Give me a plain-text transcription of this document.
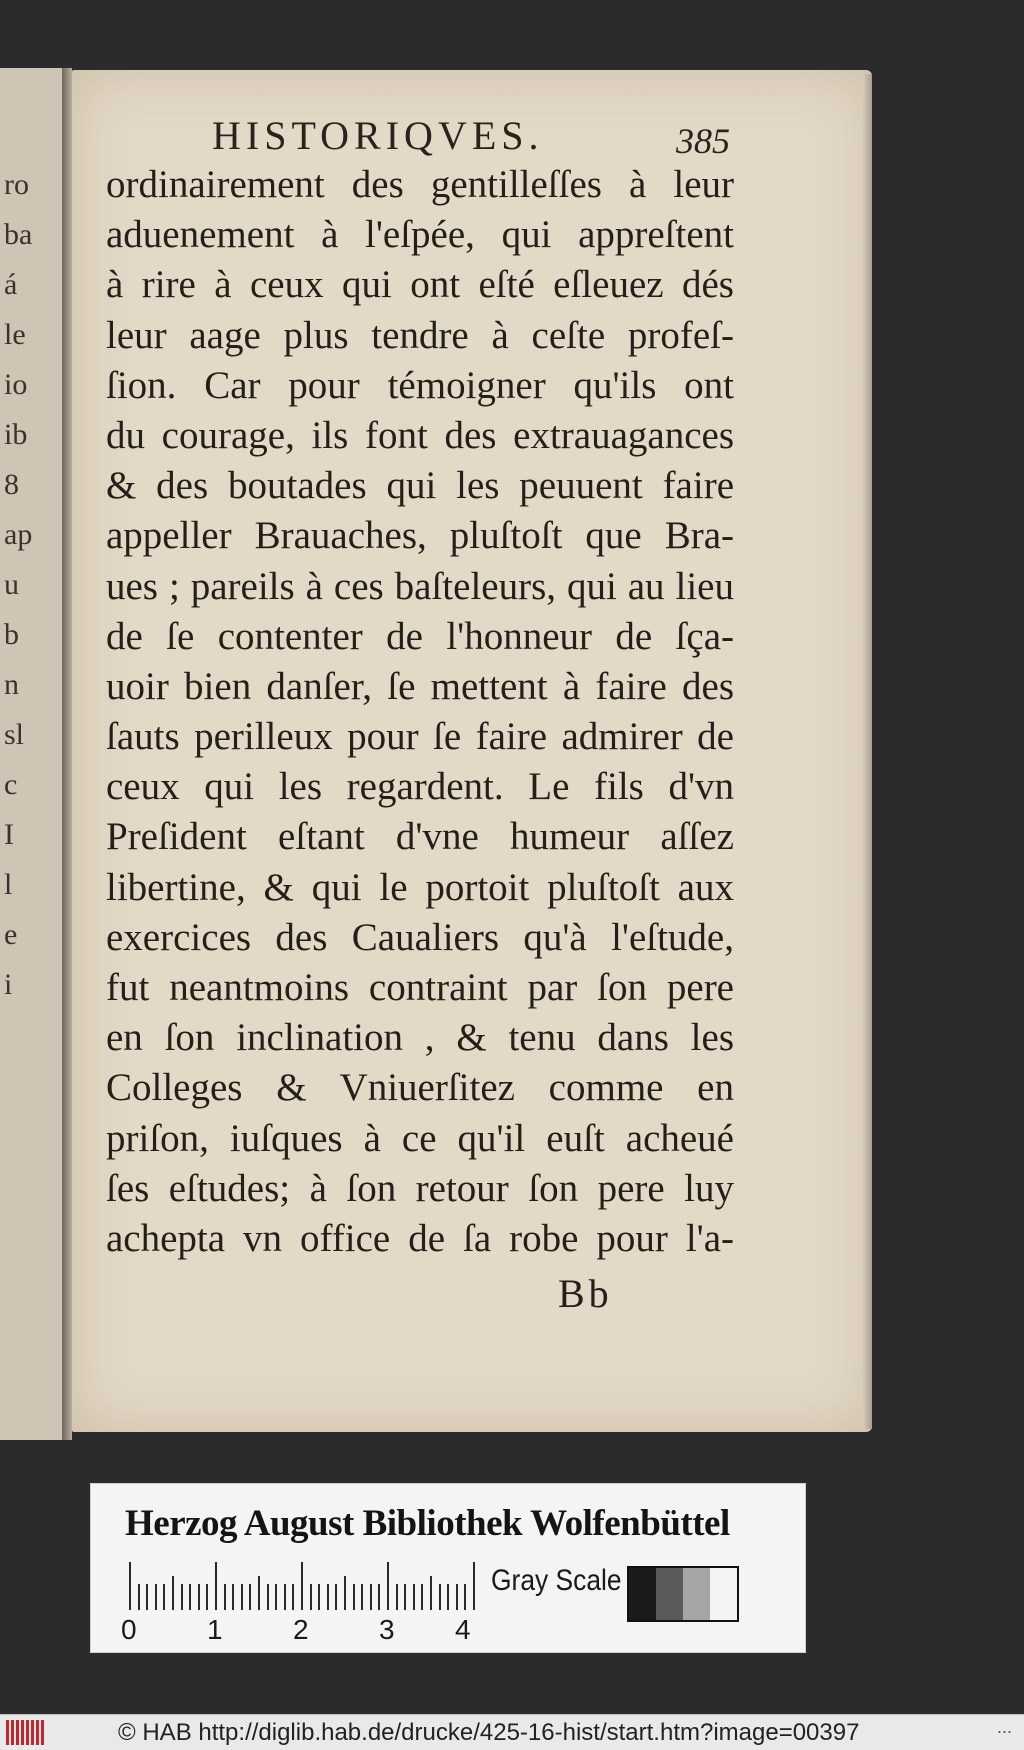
ro
ba
á
le
io
ib
8
ap
u
b
n
sl
c
I
l
e
i
HISTORIQVES.	385
ordinairement des gentilleſſes à leur
aduenement à l'eſpée, qui appreſtent
à rire à ceux qui ont eſté eſleuez dés
leur aage plus tendre à ceſte profeſ-
ſion. Car pour témoigner qu'ils ont
du courage, ils font des extrauagances
& des boutades qui les peuuent faire
appeller Brauaches, pluſtoſt que Bra-
ues ; pareils à ces baſteleurs, qui au lieu
de ſe contenter de l'honneur de ſça-
uoir bien danſer, ſe mettent à faire des
ſauts perilleux pour ſe faire admirer de
ceux qui les regardent. Le fils d'vn
Preſident eſtant d'vne humeur aſſez
libertine, & qui le portoit pluſtoſt aux
exercices des Caualiers qu'à l'eſtude,
fut neantmoins contraint par ſon pere
en ſon inclination , & tenu dans les
Colleges & Vniuerſitez comme en
priſon, iuſques à ce qu'il euſt acheué
ſes eſtudes; à ſon retour ſon pere luy
achepta vn office de ſa robe pour l'a-
Bb
Herzog August Bibliothek Wolfenbüttel
0	1	2	3 4
Gray Scale
© HAB http://diglib.hab.de/drucke/425-16-hist/start.htm?image=00397	...
